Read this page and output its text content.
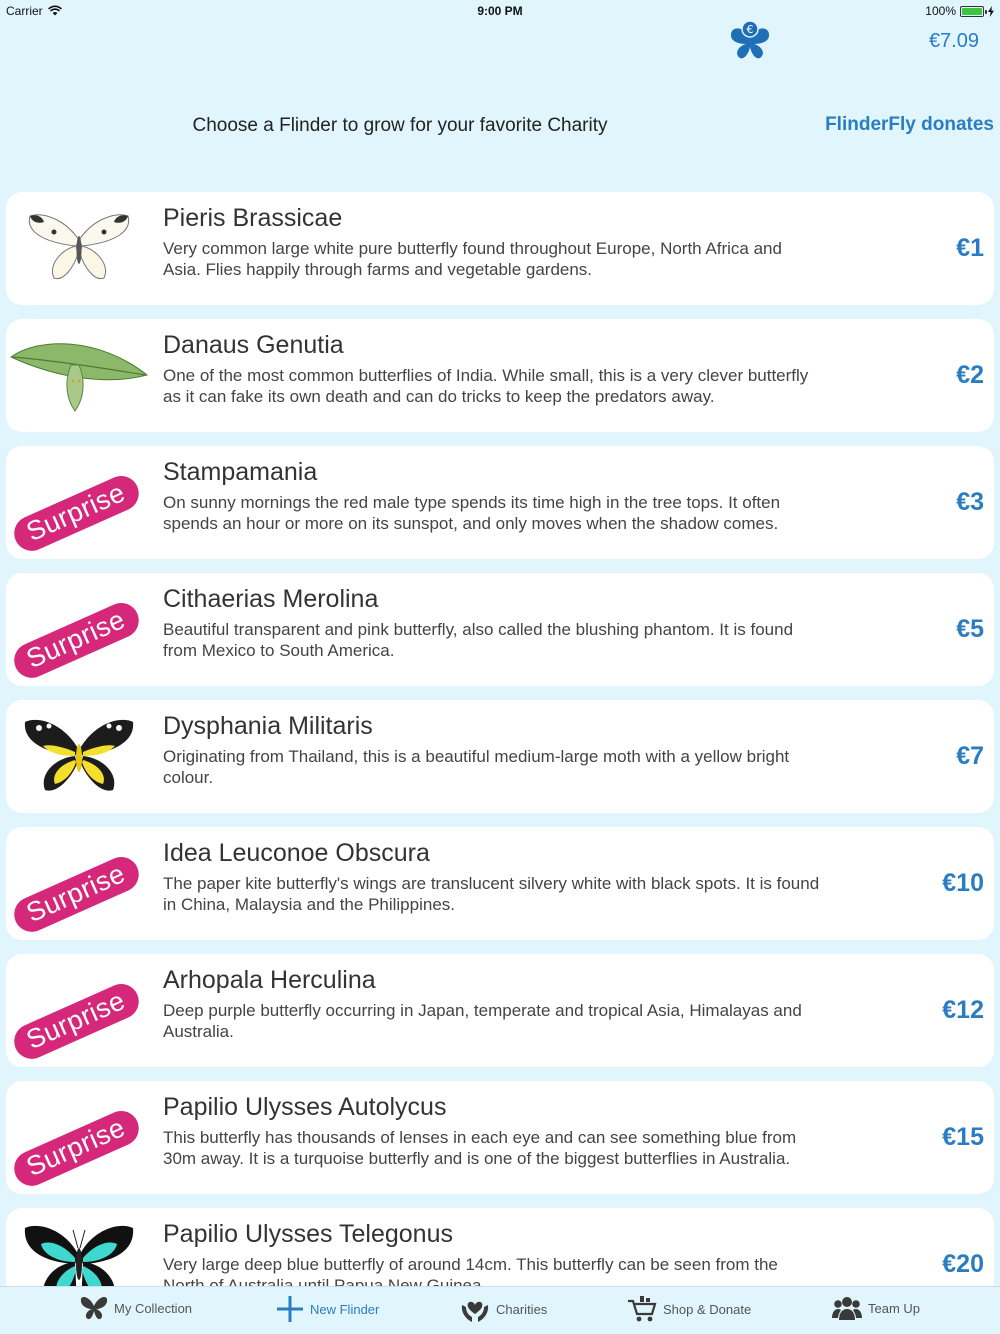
Carrier	9:00 PM	100%
€
€7.09
Choose a Flinder to grow for your favorite Charity	FlinderFly donates
Pieris Brassicae
Very common large white pure butterfly found throughout Europe, North Africa and Asia. Flies happily through farms and vegetable gardens.
€1
Danaus Genutia
One of the most common butterflies of India. While small, this is a very clever butterfly as it can fake its own death and can do tricks to keep the predators away.
€2
Surprise
Stampamania
On sunny mornings the red male type spends its time high in the tree tops. It often spends an hour or more on its sunspot, and only moves when the shadow comes.
€3
Surprise
Cithaerias Merolina
Beautiful transparent and pink butterfly, also called the blushing phantom. It is found from Mexico to South America.
€5
Dysphania Militaris
Originating from Thailand, this is a beautiful medium-large moth with a yellow bright colour.
€7
Surprise
Idea Leuconoe Obscura
The paper kite butterfly's wings are translucent silvery white with black spots. It is found in China, Malaysia and the Philippines.
€10
Surprise
Arhopala Herculina
Deep purple butterfly occurring in Japan, temperate and tropical Asia, Himalayas and Australia.
€12
Surprise
Papilio Ulysses Autolycus
This butterfly has thousands of lenses in each eye and can see something blue from 30m away. It is a turquoise butterfly and is one of the biggest butterflies in Australia.
€15
Papilio Ulysses Telegonus
Very large deep blue butterfly of around 14cm. This butterfly can be seen from the	€20
My Collection	New Flinder	Charities	Shop & Donate	Team Up
